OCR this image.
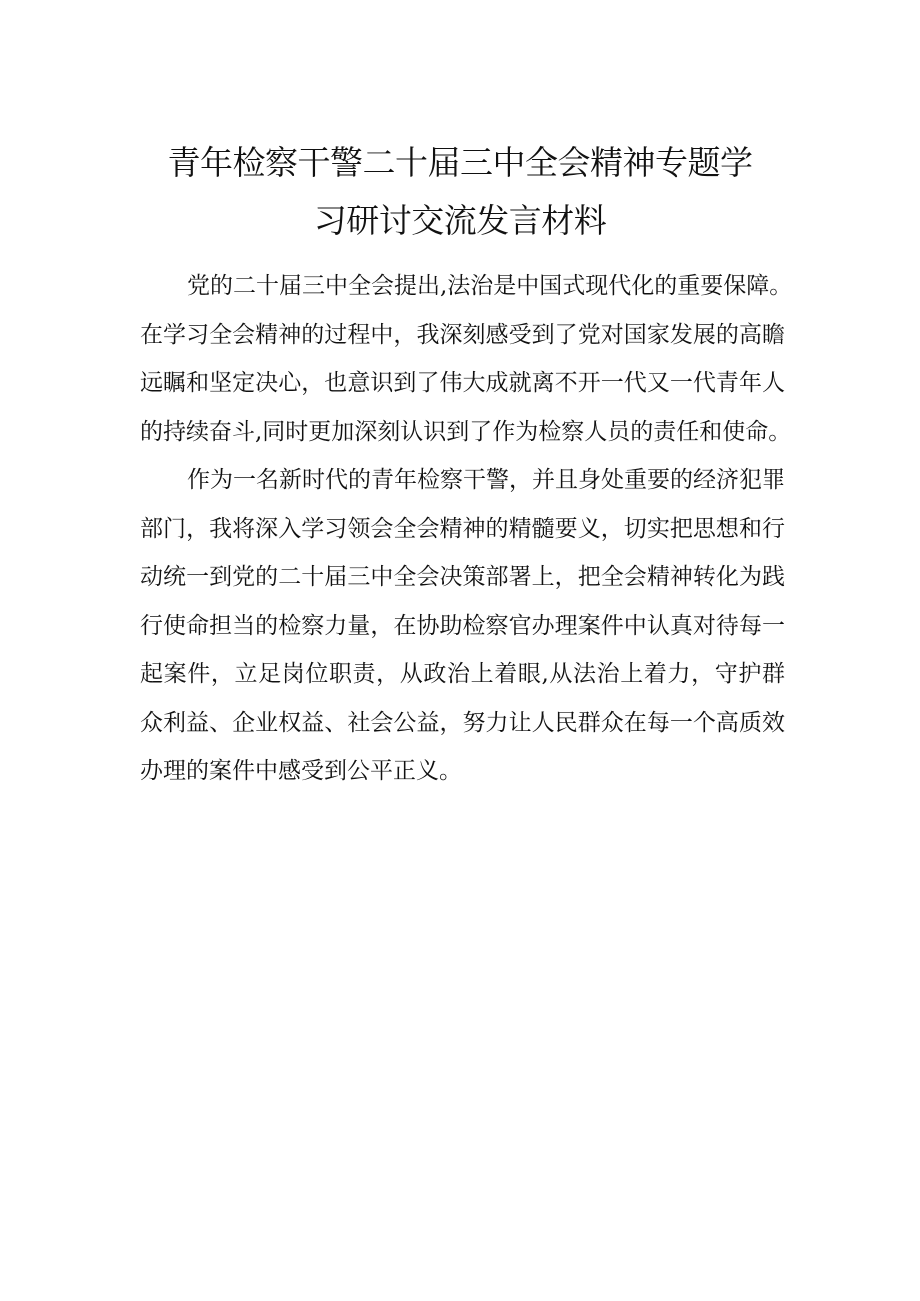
青年检察干警二十届三中全会精神专题学
习研讨交流发言材料
党的二十届三中全会提出,法治是中国式现代化的重要保障。
在学习全会精神的过程中，我深刻感受到了党对国家发展的高瞻
远瞩和坚定决心，也意识到了伟大成就离不开一代又一代青年人
的持续奋斗,同时更加深刻认识到了作为检察人员的责任和使命。
作为一名新时代的青年检察干警，并且身处重要的经济犯罪
部门，我将深入学习领会全会精神的精髓要义，切实把思想和行
动统一到党的二十届三中全会决策部署上，把全会精神转化为践
行使命担当的检察力量，在协助检察官办理案件中认真对待每一
起案件，立足岗位职责，从政治上着眼,从法治上着力，守护群
众利益、企业权益、社会公益，努力让人民群众在每一个高质效
办理的案件中感受到公平正义。
